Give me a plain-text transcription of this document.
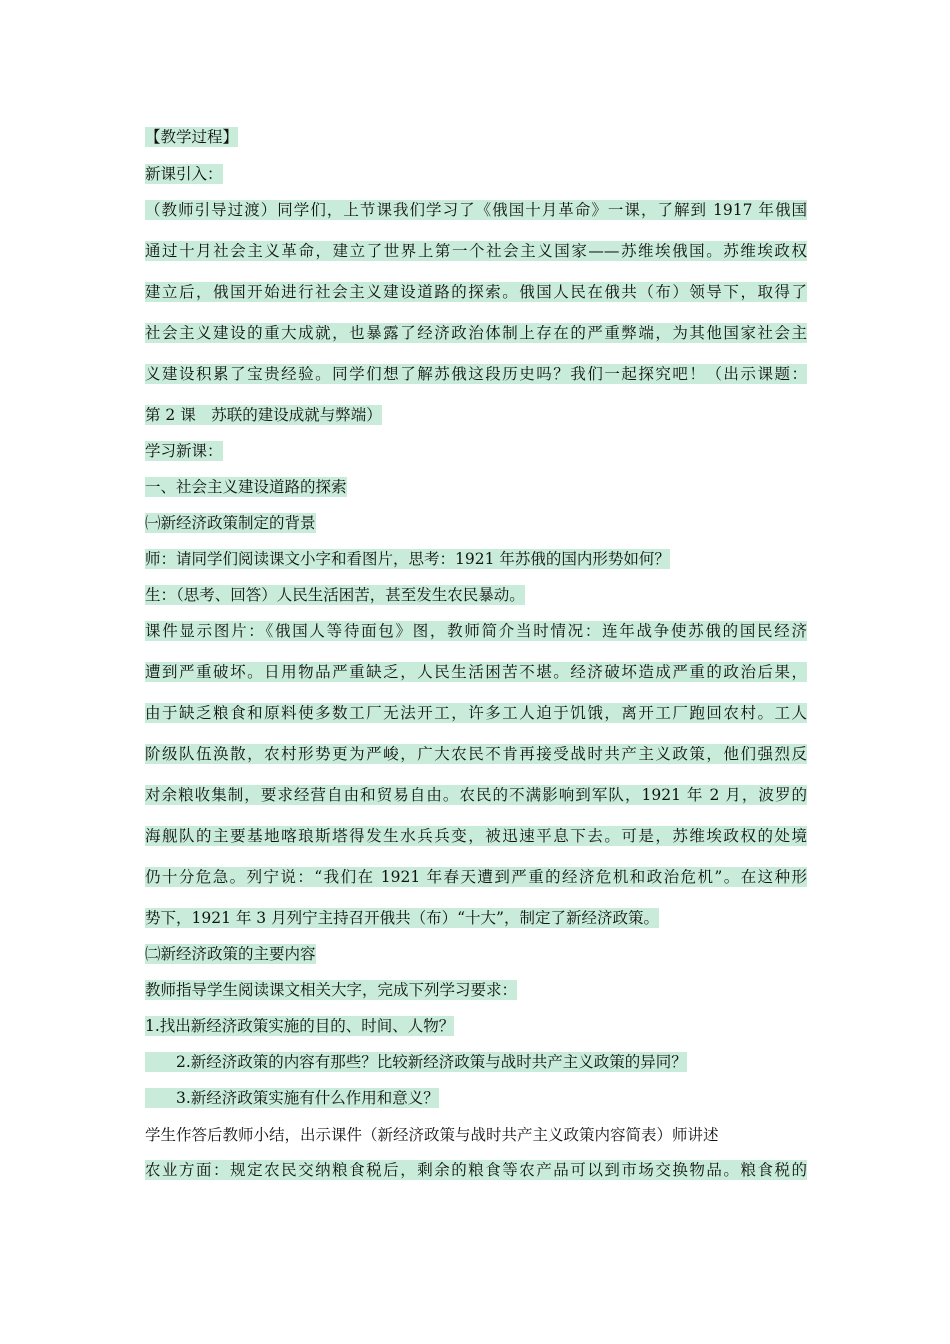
【教学过程】
新课引入：
（教师引导过渡）同学们，上节课我们学习了《俄国十月革命》一课，了解到 1917 年俄国
通过十月社会主义革命，建立了世界上第一个社会主义国家——苏维埃俄国。苏维埃政权
建立后，俄国开始进行社会主义建设道路的探索。俄国人民在俄共（布）领导下，取得了
社会主义建设的重大成就，也暴露了经济政治体制上存在的严重弊端，为其他国家社会主
义建设积累了宝贵经验。同学们想了解苏俄这段历史吗？我们一起探究吧！（出示课题：
第 2 课　苏联的建设成就与弊端）
学习新课：
一、社会主义建设道路的探索
㈠新经济政策制定的背景
师：请同学们阅读课文小字和看图片，思考：1921 年苏俄的国内形势如何？
生：（思考、回答）人民生活困苦，甚至发生农民暴动。
课件显示图片：《俄国人等待面包》图，教师简介当时情况：连年战争使苏俄的国民经济
遭到严重破坏。日用物品严重缺乏，人民生活困苦不堪。经济破坏造成严重的政治后果，
由于缺乏粮食和原料使多数工厂无法开工，许多工人迫于饥饿，离开工厂跑回农村。工人
阶级队伍涣散，农村形势更为严峻，广大农民不肯再接受战时共产主义政策，他们强烈反
对余粮收集制，要求经营自由和贸易自由。农民的不满影响到军队，1921 年 2 月，波罗的
海舰队的主要基地喀琅斯塔得发生水兵兵变，被迅速平息下去。可是，苏维埃政权的处境
仍十分危急。列宁说：“我们在 1921 年春天遭到严重的经济危机和政治危机”。在这种形
势下，1921 年 3 月列宁主持召开俄共（布）“十大”，制定了新经济政策。
㈡新经济政策的主要内容
教师指导学生阅读课文相关大字，完成下列学习要求：
1.找出新经济政策实施的目的、时间、人物？
2.新经济政策的内容有那些？比较新经济政策与战时共产主义政策的异同？
3.新经济政策实施有什么作用和意义？
学生作答后教师小结，出示课件（新经济政策与战时共产主义政策内容简表）师讲述
农业方面：规定农民交纳粮食税后，剩余的粮食等农产品可以到市场交换物品。粮食税的
